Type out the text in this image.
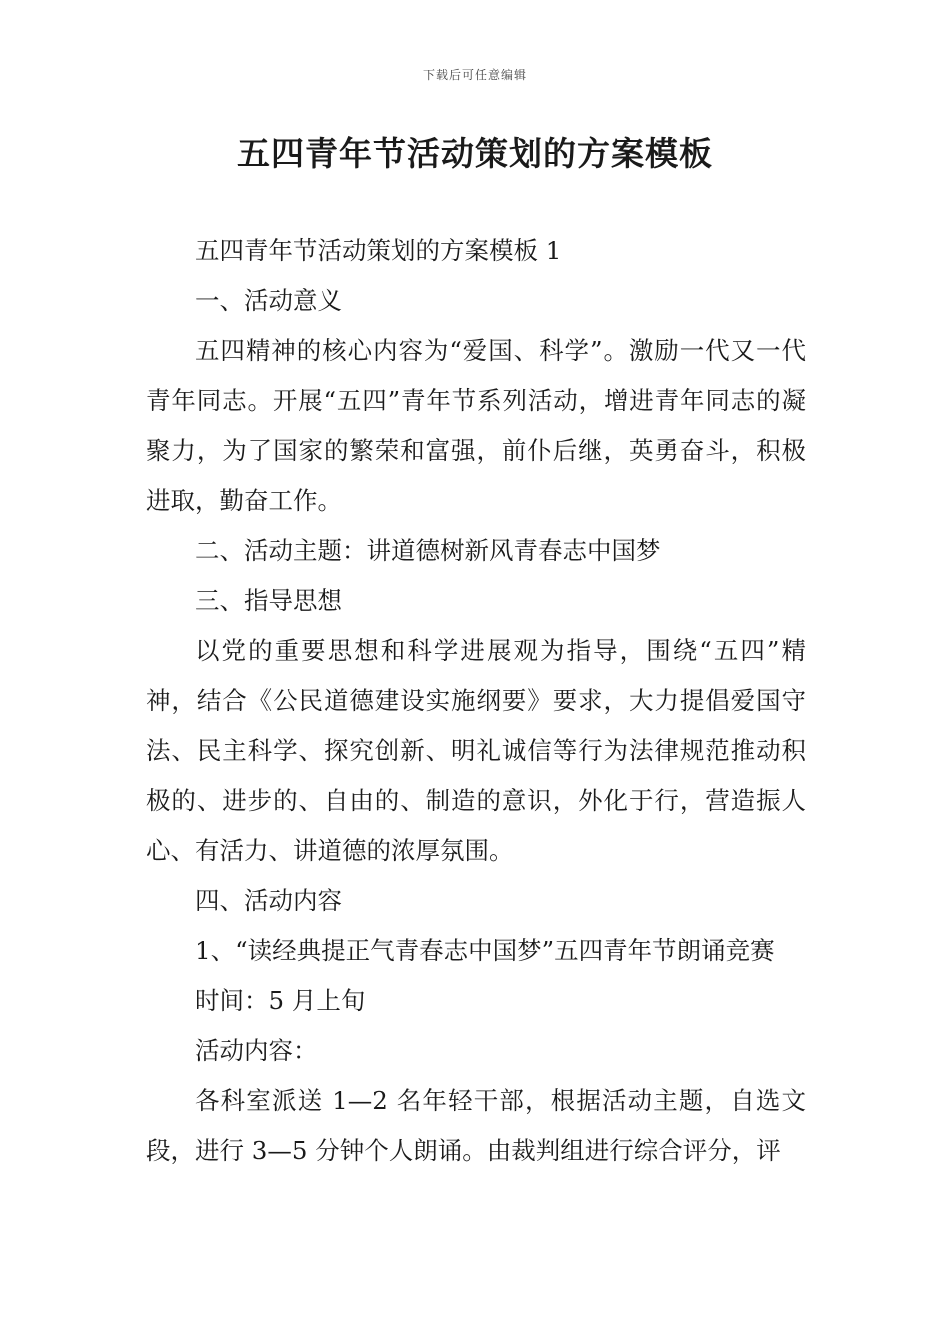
下载后可任意编辑
五四青年节活动策划的方案模板

五四青年节活动策划的方案模板 1

一、活动意义

五四精神的核心内容为“爱国、科学”。激励一代又一代青年同志。开展“五四”青年节系列活动，增进青年同志的凝聚力，为了国家的繁荣和富强，前仆后继，英勇奋斗，积极进取，勤奋工作。

二、活动主题：讲道德树新风青春志中国梦

三、指导思想

以党的重要思想和科学进展观为指导，围绕“五四”精神，结合《公民道德建设实施纲要》要求，大力提倡爱国守法、民主科学、探究创新、明礼诚信等行为法律规范推动积极的、进步的、自由的、制造的意识，外化于行，营造振人心、有活力、讲道德的浓厚氛围。

四、活动内容

1、“读经典提正气青春志中国梦”五四青年节朗诵竞赛

时间：5 月上旬

活动内容：

各科室派送 1—2 名年轻干部，根据活动主题，自选文段，进行 3—5 分钟个人朗诵。由裁判组进行综合评分，评
